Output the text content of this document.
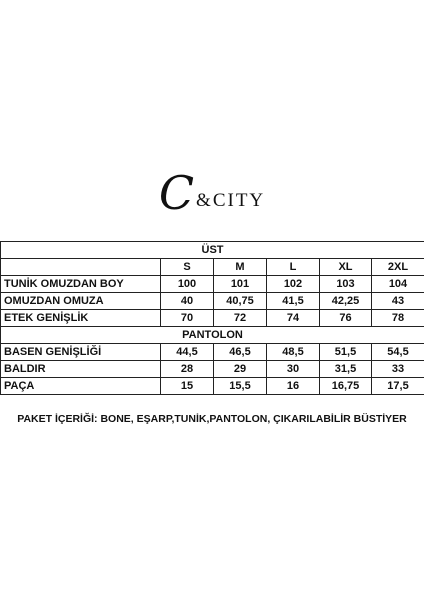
C &CITY
ÜST					
	S	M	L	XL	2XL
TUNİK OMUZDAN BOY	100	101	102	103	104
OMUZDAN OMUZA	40	40,75	41,5	42,25	43
ETEK GENİŞLİK	70	72	74	76	78
PANTOLON					
BASEN GENİŞLİĞİ	44,5	46,5	48,5	51,5	54,5
BALDIR	28	29	30	31,5	33
PAÇA	15	15,5	16	16,75	17,5
PAKET İÇERİĞİ: BONE, EŞARP,TUNİK,PANTOLON, ÇIKARILABİLİR BÜSTİYER
